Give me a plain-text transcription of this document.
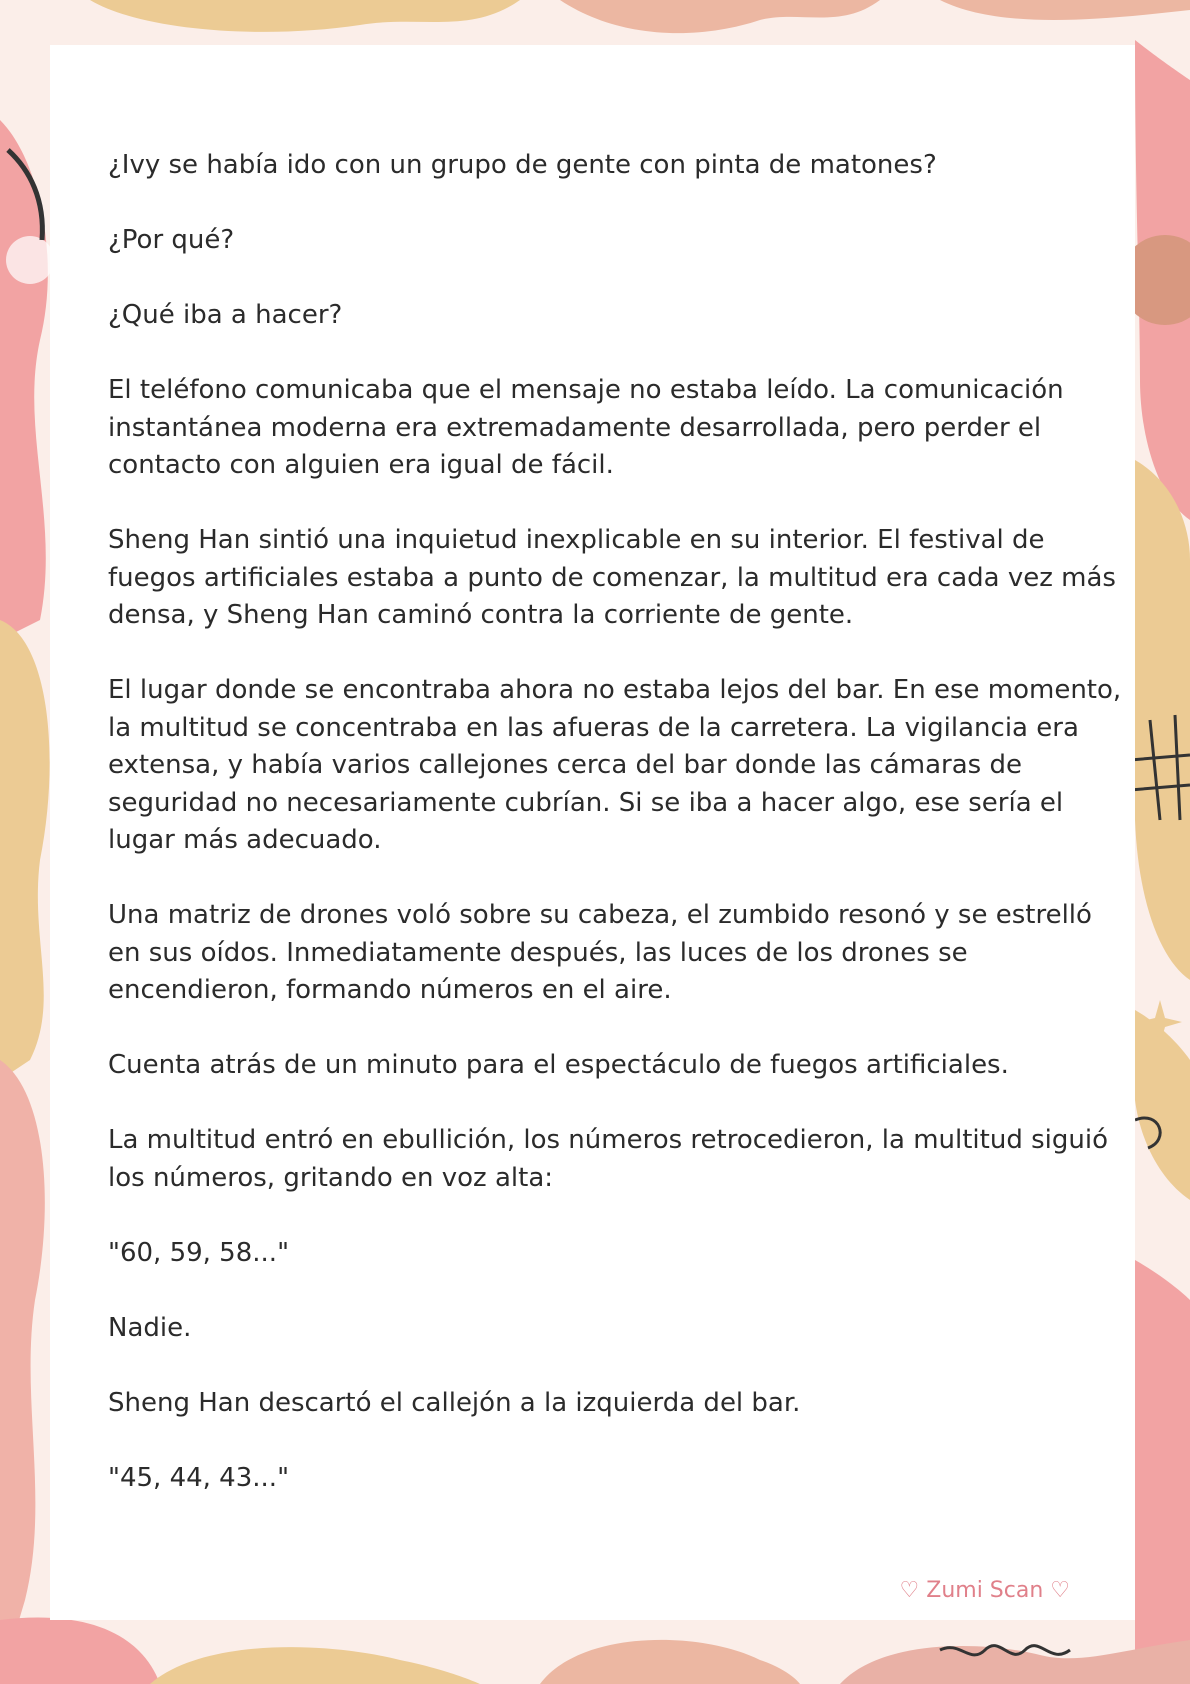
¿Ivy se había ido con un grupo de gente con pinta de matones?

¿Por qué?

¿Qué iba a hacer?

El teléfono comunicaba que el mensaje no estaba leído. La comunicación instantánea moderna era extremadamente desarrollada, pero perder el contacto con alguien era igual de fácil.

Sheng Han sintió una inquietud inexplicable en su interior. El festival de fuegos artificiales estaba a punto de comenzar, la multitud era cada vez más densa, y Sheng Han caminó contra la corriente de gente.

El lugar donde se encontraba ahora no estaba lejos del bar. En ese momento, la multitud se concentraba en las afueras de la carretera. La vigilancia era extensa, y había varios callejones cerca del bar donde las cámaras de seguridad no necesariamente cubrían. Si se iba a hacer algo, ese sería el lugar más adecuado.

Una matriz de drones voló sobre su cabeza, el zumbido resonó y se estrelló en sus oídos. Inmediatamente después, las luces de los drones se encendieron, formando números en el aire.

Cuenta atrás de un minuto para el espectáculo de fuegos artificiales.

La multitud entró en ebullición, los números retrocedieron, la multitud siguió los números, gritando en voz alta:

"60, 59, 58..."

Nadie.

Sheng Han descartó el callejón a la izquierda del bar.

"45, 44, 43..."

♡ Zumi Scan ♡
